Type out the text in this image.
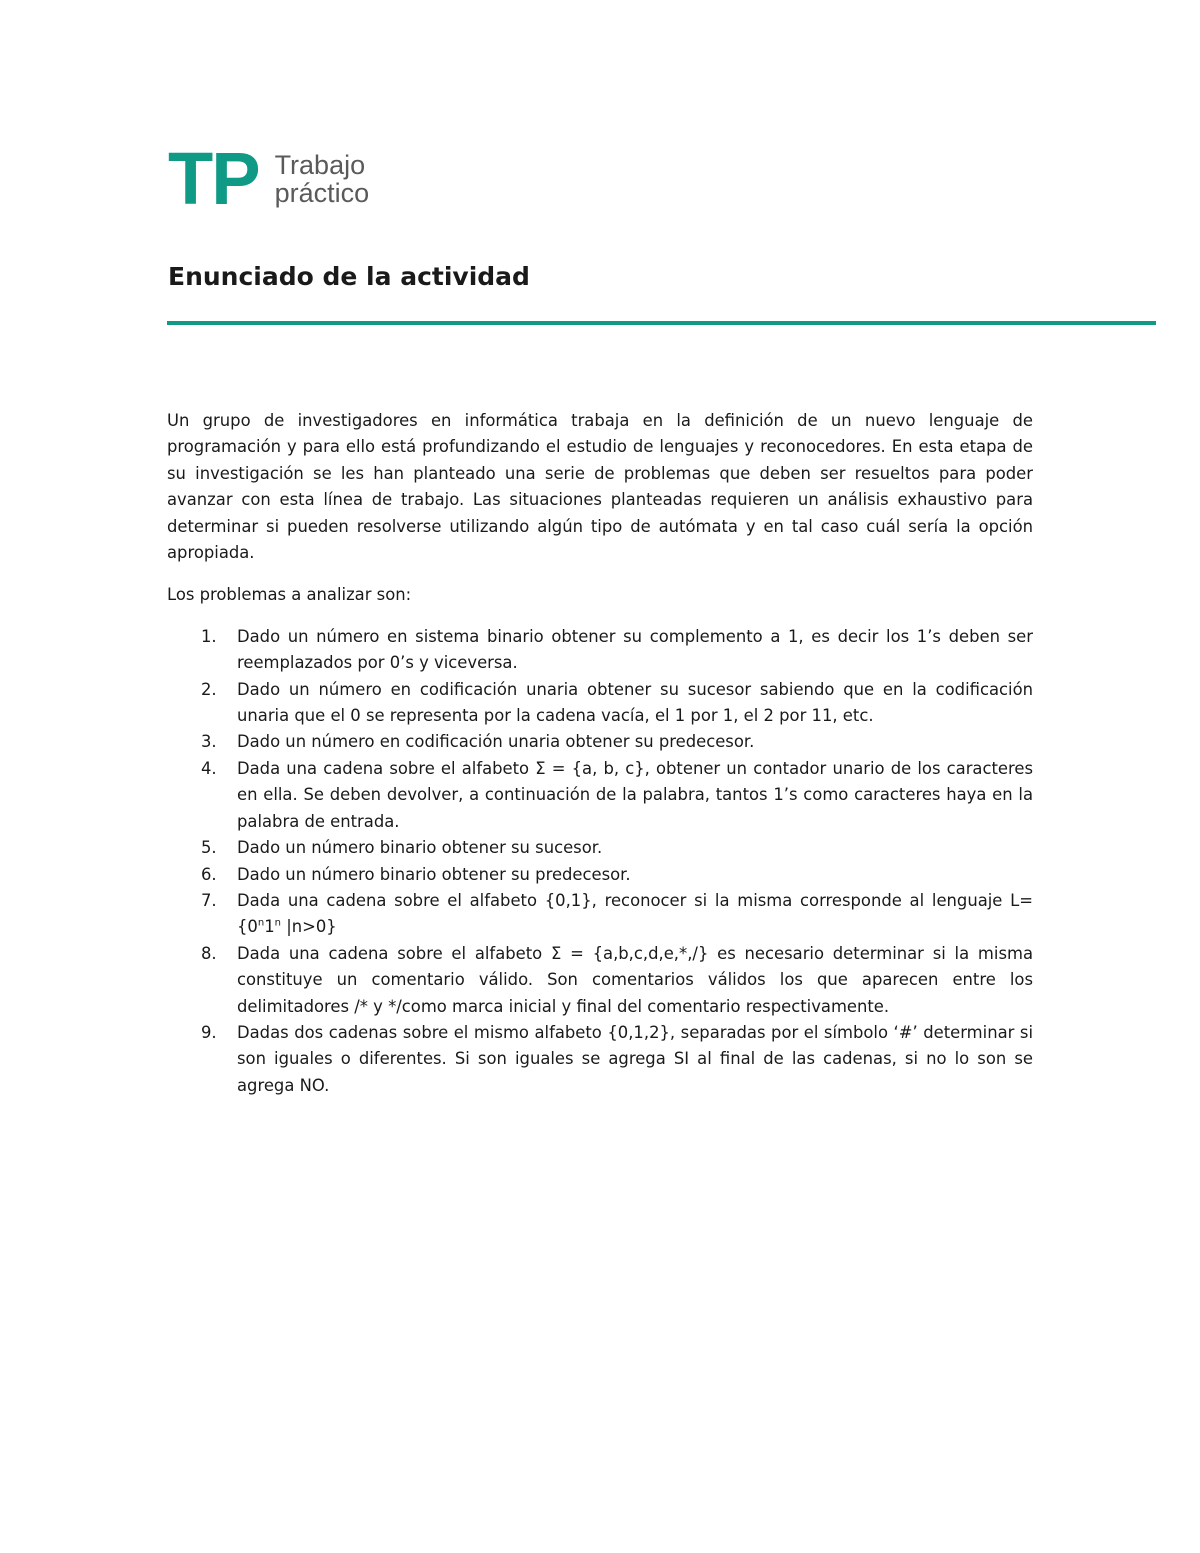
TP Trabajo
práctico
Enunciado de la actividad

Un grupo de investigadores en informática trabaja en la definición de un nuevo lenguaje de programación y para ello está profundizando el estudio de lenguajes y reconocedores. En esta etapa de su investigación se les han planteado una serie de problemas que deben ser resueltos para poder avanzar con esta línea de trabajo. Las situaciones planteadas requieren un análisis exhaustivo para determinar si pueden resolverse utilizando algún tipo de autómata y en tal caso cuál sería la opción apropiada.

Los problemas a analizar son:

1. Dado un número en sistema binario obtener su complemento a 1, es decir los 1’s deben ser reemplazados por 0’s y viceversa.
2. Dado un número en codificación unaria obtener su sucesor sabiendo que en la codificación unaria que el 0 se representa por la cadena vacía, el 1 por 1, el 2 por 11, etc.
3. Dado un número en codificación unaria obtener su predecesor.
4. Dada una cadena sobre el alfabeto Σ = {a, b, c}, obtener un contador unario de los caracteres en ella. Se deben devolver, a continuación de la palabra, tantos 1’s como caracteres haya en la palabra de entrada.
5. Dado un número binario obtener su sucesor.
6. Dado un número binario obtener su predecesor.
7. Dada una cadena sobre el alfabeto {0,1}, reconocer si la misma corresponde al lenguaje $L= \{0^n1^n$ |n>0}
8. Dada una cadena sobre el alfabeto Σ = {a,b,c,d,e,*,/} es necesario determinar si la misma constituye un comentario válido. Son comentarios válidos los que aparecen entre los delimitadores /* y */como marca inicial y final del comentario respectivamente.
9. Dadas dos cadenas sobre el mismo alfabeto {0,1,2}, separadas por el símbolo ‘#’ determinar si son iguales o diferentes. Si son iguales se agrega SI al final de las cadenas, si no lo son se agrega NO.
